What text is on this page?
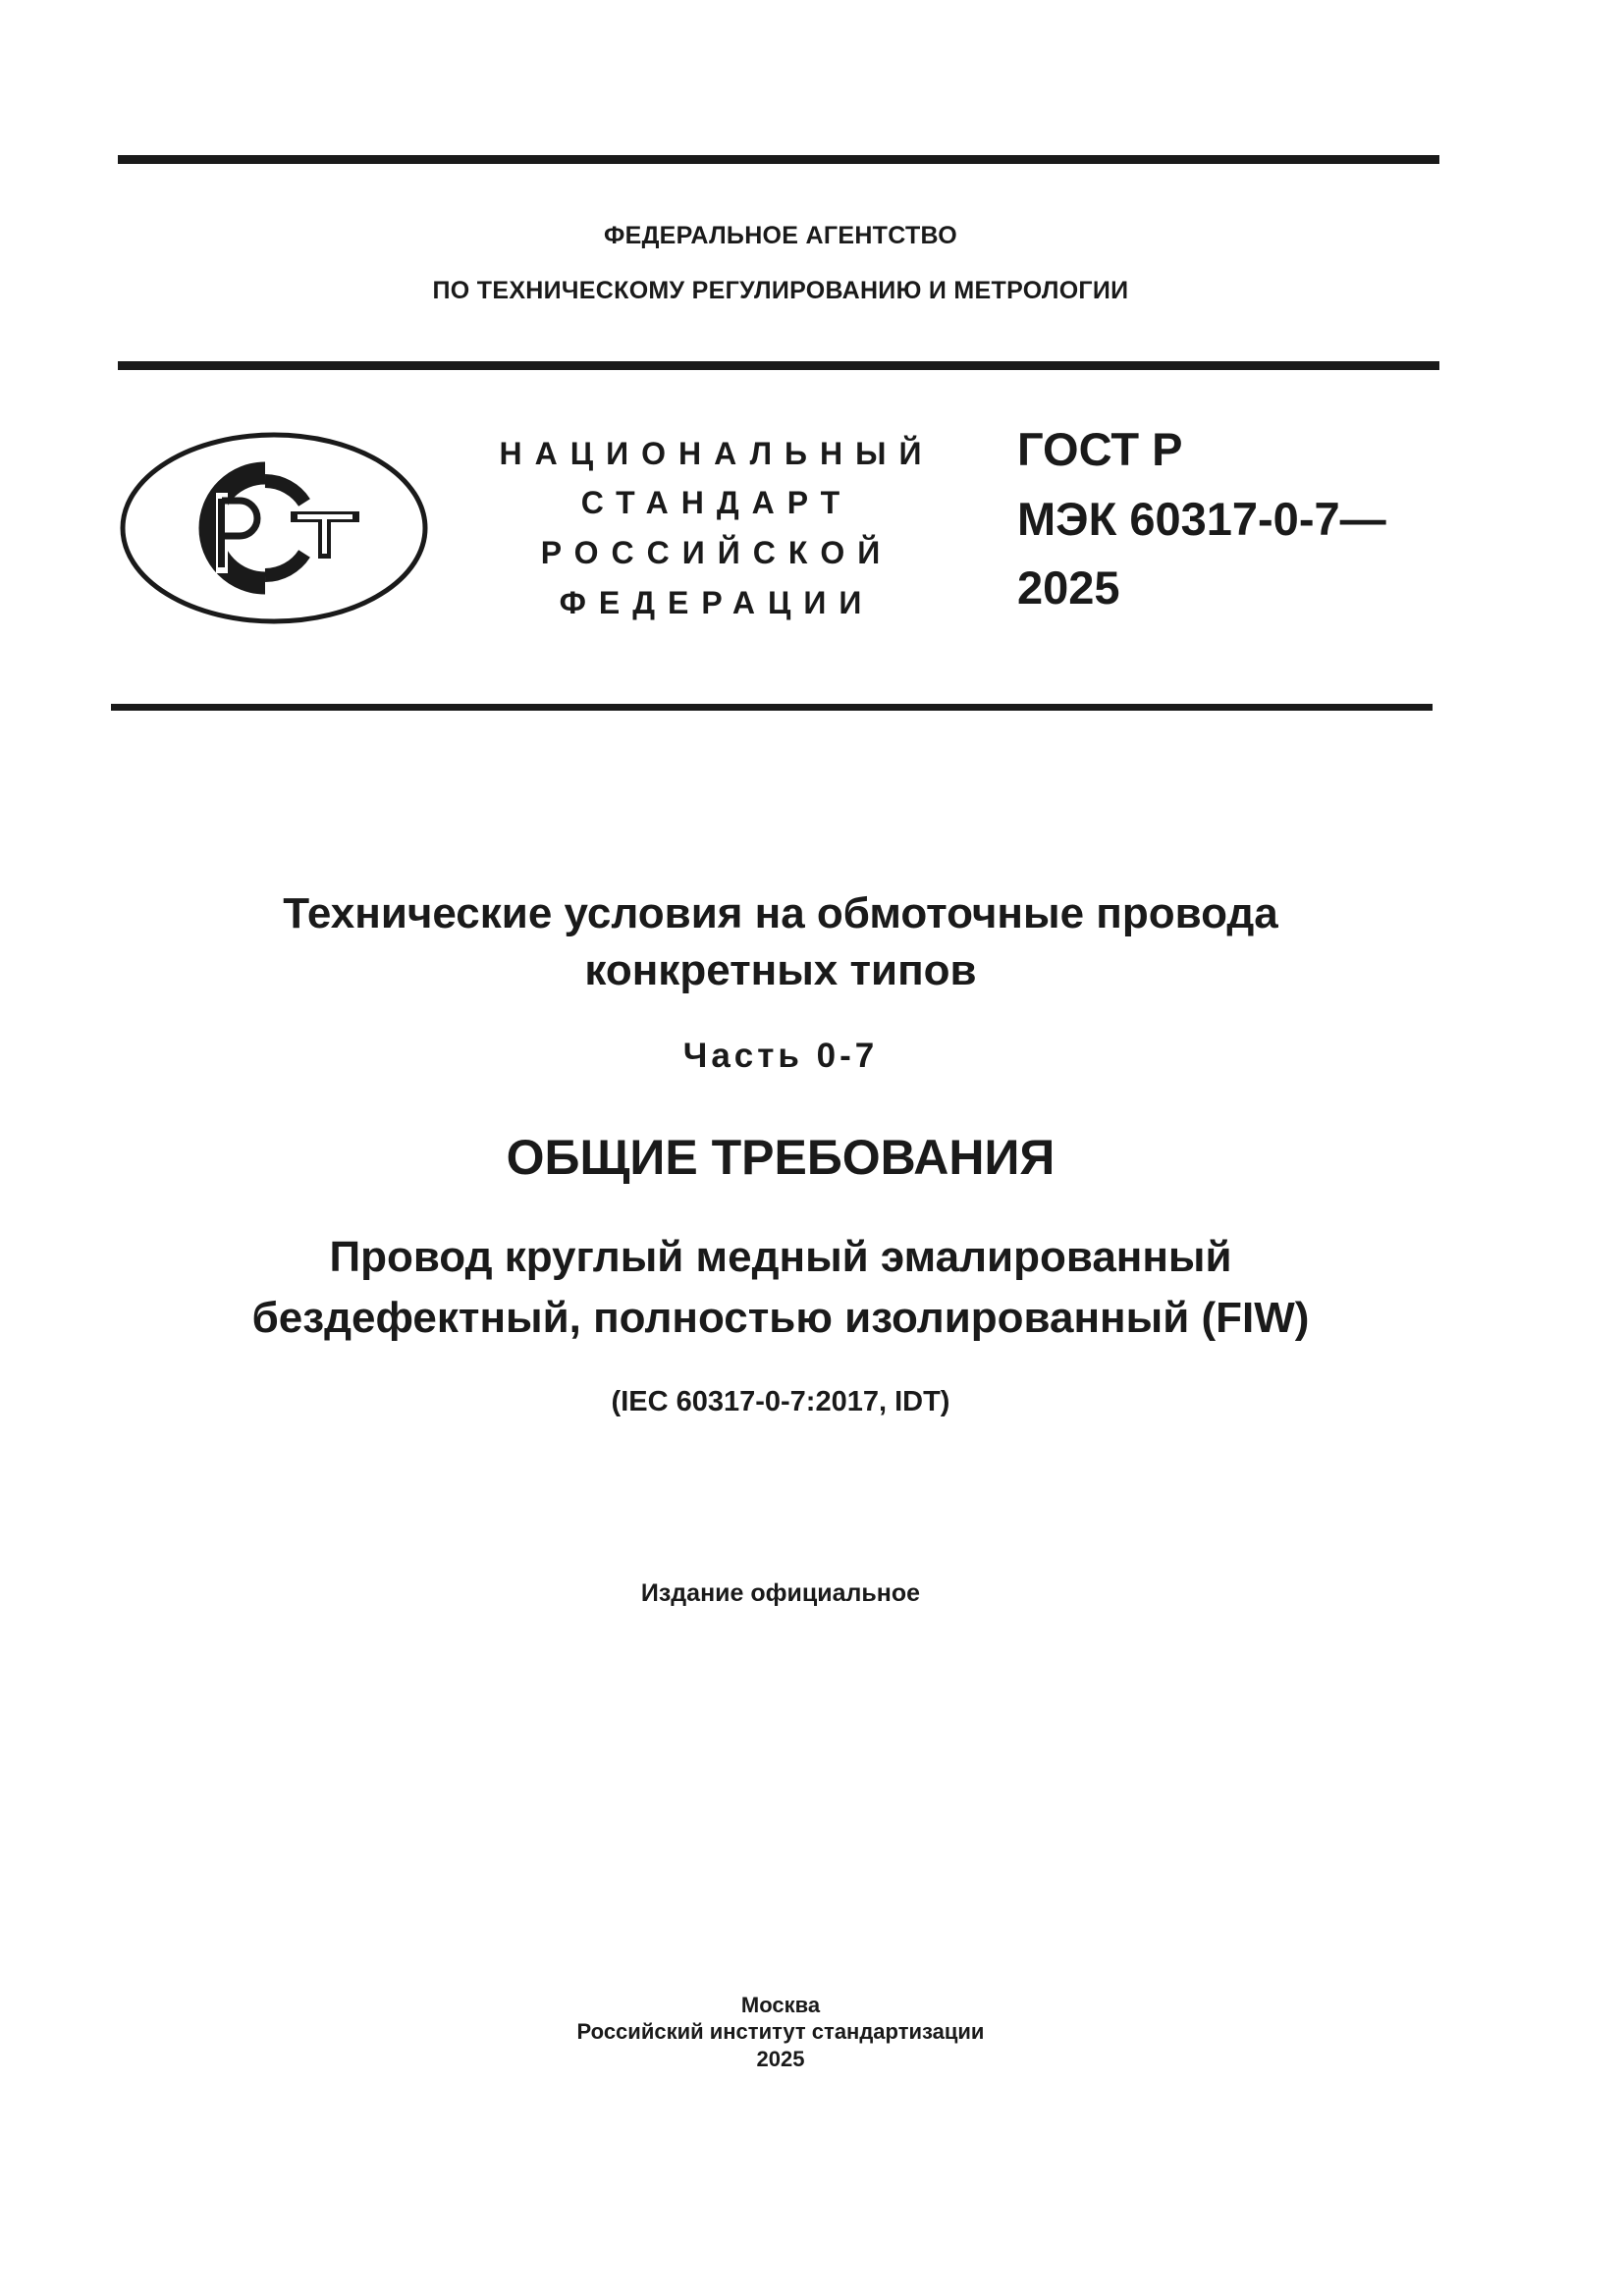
ФЕДЕРАЛЬНОЕ АГЕНТСТВО
ПО ТЕХНИЧЕСКОМУ РЕГУЛИРОВАНИЮ И МЕТРОЛОГИИ
НАЦИОНАЛЬНЫЙ
СТАНДАРТ
РОССИЙСКОЙ
ФЕДЕРАЦИИ
ГОСТ Р
МЭК 60317-0-7—
2025
Технические условия на обмоточные провода
конкретных типов
Часть 0-7
ОБЩИЕ ТРЕБОВАНИЯ
Провод круглый медный эмалированный
бездефектный, полностью изолированный (FIW)
(IEC 60317-0-7:2017, IDT)
Издание официальное
Москва
Российский институт стандартизации
2025
